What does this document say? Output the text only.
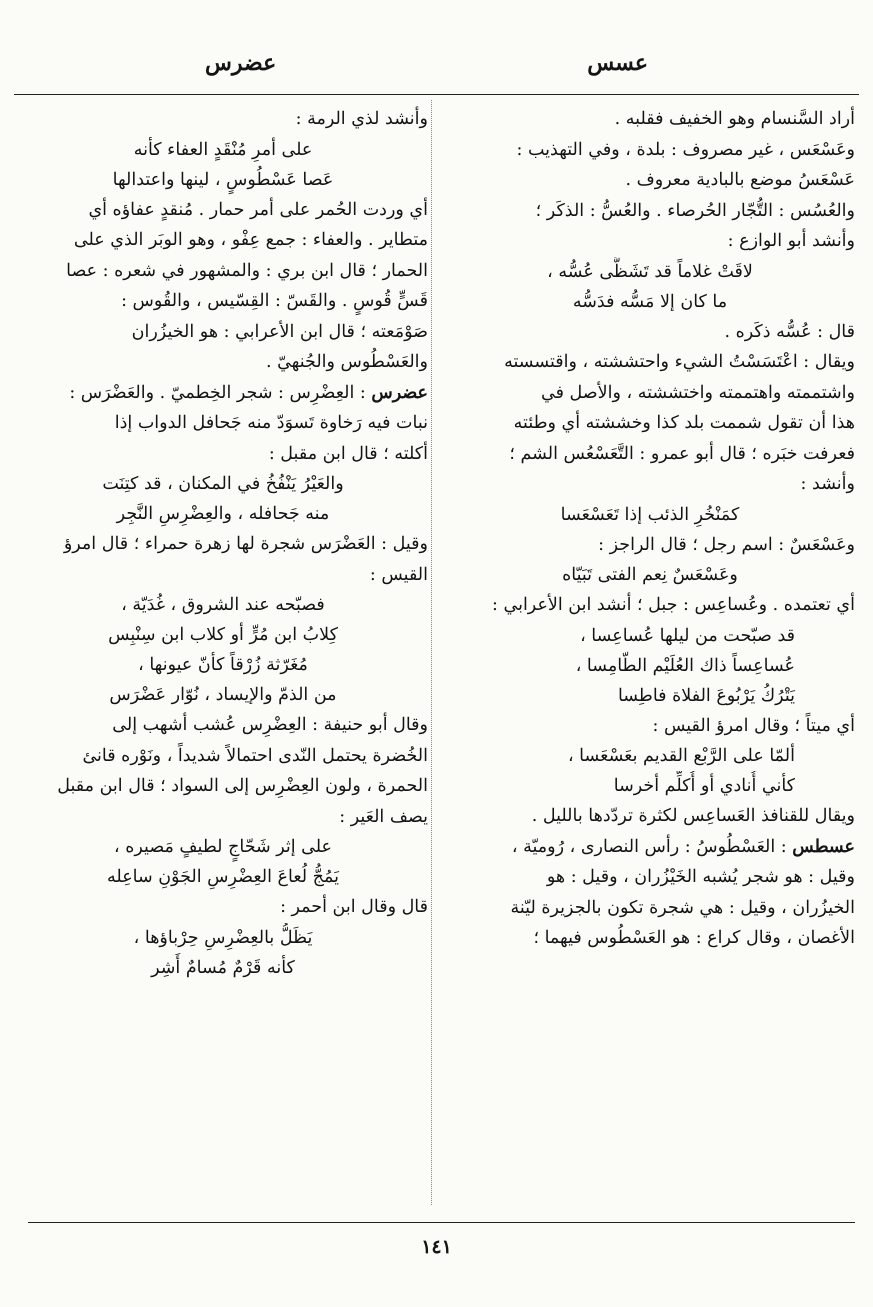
عسس
عضرس
أراد السَّنسام وهو الخفيف فقلبه .
وعَسْعَس ، غير مصروف : بلدة ، وفي التهذيب :
عَسْعَسُ موضع بالبادية معروف .
والعُسُس : التُّجّار الحُرصاء . والعُسُّ : الذكَر ؛
وأنشد أبو الوازع :
لاقَتْ غلاماً قد تَشَظَّى عُسُّه ،
ما كان إلا مَسُّه فدَسُّه
قال : عُسُّه ذكَره .
ويقال : اعْتَسَسْتُ الشيء واحتششته ، واقتسسته
واشتممته واهتممته واختششته ، والأصل في
هذا أن تقول شممت بلد كذا وخششته أي وطئته
فعرفت خبَره ؛ قال أبو عمرو : التَّعَسْعُس الشم ؛
وأنشد :
كمَنْخُرِ الذئب إذا تَعَسْعَسا
وعَسْعَسٌ : اسم رجل ؛ قال الراجز :
وعَسْعَسٌ نِعم الفتى تَبَيّاه
أي تعتمده . وعُساعِس : جبل ؛ أنشد ابن الأعرابي :
قد صبّحت من ليلها عُساعِسا ،
عُساعِساً ذاك العُلَيْم الطّامِسا ،
يَتْرُكُ يَرْبُوعَ الفلاة فاطِسا
أي ميتاً ؛ وقال امرؤ القيس :
ألمّا على الرَّبْع القديم بعَسْعَسا ،
كأني أُنادي أو أُكلِّم أخرسا
ويقال للقنافذ العَساعِس لكثرة تردّدها بالليل .
عسطس : العَسْطُوسُ : رأس النصارى ، رُوميّة ،
وقيل : هو شجر يُشبه الخَيْزُران ، وقيل : هو
الخيزُران ، وقيل : هي شجرة تكون بالجزيرة ليّنة
الأغصان ، وقال كراع : هو العَسْطُوس فيهما ؛
وأنشد لذي الرمة :
على أمرِ مُنْقَدٍ العفاء كأنه
عَصا عَسْطُوسٍ ، لينها واعتدالها
أي وردت الحُمر على أمر حمار . مُنقدٍ عفاؤه أي
متطاير . والعفاء : جمع عِفْو ، وهو الوبَر الذي على
الحمار ؛ قال ابن بري : والمشهور في شعره : عصا
قَسٍّ قُوسٍ . والقَسّ : القِسّيس ، والقُوس :
صَوْمَعته ؛ قال ابن الأعرابي : هو الخيزُران
والعَسْطُوس والجُنهيّ .
عضرس : العِضْرِس : شجر الخِطميّ . والعَضْرَس :
نبات فيه رَخاوة تَسوَدّ منه جَحافل الدواب إذا
أكلته ؛ قال ابن مقبل :
والعَيْرُ يَنْفُخُ في المكنان ، قد كتِنَت
منه جَحافله ، والعِضْرِسِ النَّجِر
وقيل : العَضْرَس شجرة لها زهرة حمراء ؛ قال امرؤ
القيس :
فصبّحه عند الشروق ، غُدَيّة ،
كِلابُ ابن مُرٍّ أو كلاب ابن سِنْبِس
مُغَرّثة زُرْقاً كأنّ عيونها ،
من الذمّ والإيساد ، نُوّار عَضْرَس
وقال أبو حنيفة : العِضْرِس عُشب أشهب إلى
الخُضرة يحتمل النّدى احتمالاً شديداً ، ونَوْره قانئ
الحمرة ، ولون العِضْرِس إلى السواد ؛ قال ابن مقبل
يصف العَير :
على إثر شَحّاجٍ لطيفٍ مَصيره ،
يَمُجُّ لُعاعَ العِضْرِسِ الجَوْنِ ساعِله
قال وقال ابن أحمر :
يَظَلُّ بالعِضْرِسِ حِرْباؤها ،
كأنه قَرْمٌ مُسامٌ أَشِر
١٤١
